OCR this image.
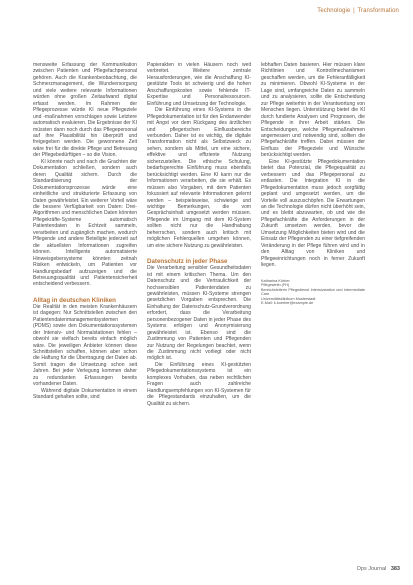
Technologie | Transformation

mensweite Erfassung der Kommunikation zwischen Patienten und Pflegefachpersonal gehören. Auch die Krankenbeobachtung, die Schmerzmanagement, die Wundversorgung und viele weitere relevante Informationen würden ohne großen Zeitaufwand digital erfasst werden. Im Rahmen der Pflegeprozesse würde KI neue Pflegeziele und -maßnahmen vorschlagen sowie Letztere automatisch evaluieren. Die Ergebnisse der KI müssten dann noch durch das Pflegepersonal auf ihre Plausibilität hin überprüft und freigegeben werden. Die gewonnene Zeit wäre frei für die direkte Pflege und Betreuung der Pflegebedürftigen – so die Vision.

KI könnte nach und nach die Grachten der Dokumentation schließen, sondern auch deren Qualität sichern. Durch die Standardisierung der Dokumentationsprozesse würde eine einheitliche und strukturierte Erfassung von Daten gewährleistet. Ein weiterer Vorteil wäre die bessere Verfügbarkeit von Daten: Drei-Algorithmen und menschlichen Daten könnten Pflegekräfte-Systeme automatisch Patientendaten in Echtzeit sammeln, verarbeiten und zugänglich machen, wodurch Pflegende und andere Beteiligte jederzeit auf die aktuellsten Informationen zugreifen können. Intelligente automatisierte Hinweisgebersysteme könnten zeitnah Risiken entwickeln, um Patienten vor Handlungsbedarf aufzuzeigen und die Betreuungsqualität und Patientensicherheit entscheidend verbessern.

Alltag in deutschen Kliniken

Die Realität in den meisten Krankenhäusern ist dagegen: Nur Schnittstellen zwischen den Patientendatenmanagementsystemen (PDMS) sowie den Dokumentationssystemen der Intensiv- und Normalstationen fehlen – obwohl sie vielfach bereits einfach möglich wäre. Die jeweiligen Anbieter können diese Schnittstellen schaffen, können aber schon die Haftung für die Übertragung der Daten ab. Somit tragen die Umsetzung schon seit Jahren. Bei jeder Verlegung kommen daher zu redundanten Erfassungen bereits vorhandener Daten.

Während digitale Dokumentation in einem Standard gehalten sollte, sind

Papierakten in vielen Häusern noch weit verbreitet. Weitere zentrale Herausforderungen, wie die Anschaffung KI-gestützte Tools ist schwierig und die hohen Anschaffungskosten sowie fehlende IT-Expertise und Personalressourcen. Einführung und Umsetzung der Technologie.

Die Einführung eines KI-Systems in die Pflegedokumentation ist für den Endanwender mit Angst vor dem Rückgang des ärztlichen und pflegerischen Einflussbereichs verbunden. Daher ist es wichtig, die digitale Transformation nicht als Selbstzweck zu sehen, sondern als Mittel, um eine sichere, effektive und effiziente Nutzung sicherzustellen. Die ethische Schulung, bedarfsgerechte Einführung muss ebenfalls berücksichtigt werden. Eine KI kann nur die Informationen verarbeiten, die sie erhält. Es müssen also Vorgaben, mit dem Patienten fokussiert auf relevante Informationen gelernt werden – beispielsweise, schwierige und wichtige Bemerkungen, die vom Gesprächsinhalt umgesetzt werden müssen. Pflegende im Umgang mit dem KI-System sollten nicht nur die Handhabung beherrschen, sondern auch kritisch mit möglichen Fehlerquellen umgehen können, um eine sichere Nutzung zu gewährleisten.

Datenschutz in jeder Phase

Die Verarbeitung sensibler Gesundheitsdaten ist mit einem kritischen Thema. Um den Datenschutz und die Vertraulichkeit der hochsensiblen Patientendaten zu gewährleisten, müssen KI-Systeme strengen gesetzlichen Vorgaben entsprechen. Die Einhaltung der Datenschutz-Grundverordnung erfordert, dass die Verarbeitung personenbezogener Daten in jeder Phase des Systems erfolgen und Anonymisierung gewährleistet ist. Ebenso sind die Zustimmung von Patienten und Pflegenden zur Nutzung der Regelungen beachtet, wenn die Zustimmung nicht vorliegt oder nicht möglich ist.

Die Einführung eines KI-gestützten Pflegedokumentationssystems ist ein komplexes Vorhaben, das neben rechtlichen Fragen auch zahlreiche Handlungsempfehlungen von KI-Systemen für die Pflegestandards einzuhalten, um die Qualität zu sichern.

lebhaften Daten basieren. Hier müssen klare Richtlinien und Kontrollmechanismen geschaffen werden, um die Fehleranfälligkeit zu minimieren. Obwohl KI-Systeme in der Lage sind, umfangreiche Daten zu sammeln und zu analysieren, sollte die Entscheidung zur Pflege weiterhin in der Verantwortung von Menschen liegen. Unterstützung bietet die KI durch fundierte Analysen und Prognosen, die Pflegende in ihrer Arbeit stärken. Die Entscheidungen, welche Pflegemaßnahmen angemessen und notwendig sind, sollten die Pflegefachkräfte treffen. Dabei müssen der Einfluss der Pflegeziele und Wünsche berücksichtigt werden.

Eine KI-gestützte Pflegedokumentation bietet das Potenzial, die Pflegequalität zu verbessern und das Pflegepersonal zu entlasten. Die Integration KI in die Pflegedokumentation muss jedoch sorgfältig geplant und umgesetzt werden, um die Vorteile voll auszuschöpfen. Die Erwartungen an die Technologie dürfen nicht überhöht sein, und es bleibt abzuwarten, ob und wie die Pflegefachkräfte die Anforderungen in der Zukunft umsetzen werden, bevor die Umsetzung Möglichkeiten bieten wird und die Einsatz der Pflegenden zu einer tiefgreifenden Veränderung in der Pflege führen wird und in den Alltag von Kliniken und Pflegeeinrichtungen noch in ferner Zukunft liegen.

Katharina Körber

Pflegewirtin (FH)

Bereichsleiterin Pflegedienst Intensivstation und Intermediate Care

Universitätsklinikum Musterstadt

E-Mail: k.koerber@example.de

Ops Journal 383
